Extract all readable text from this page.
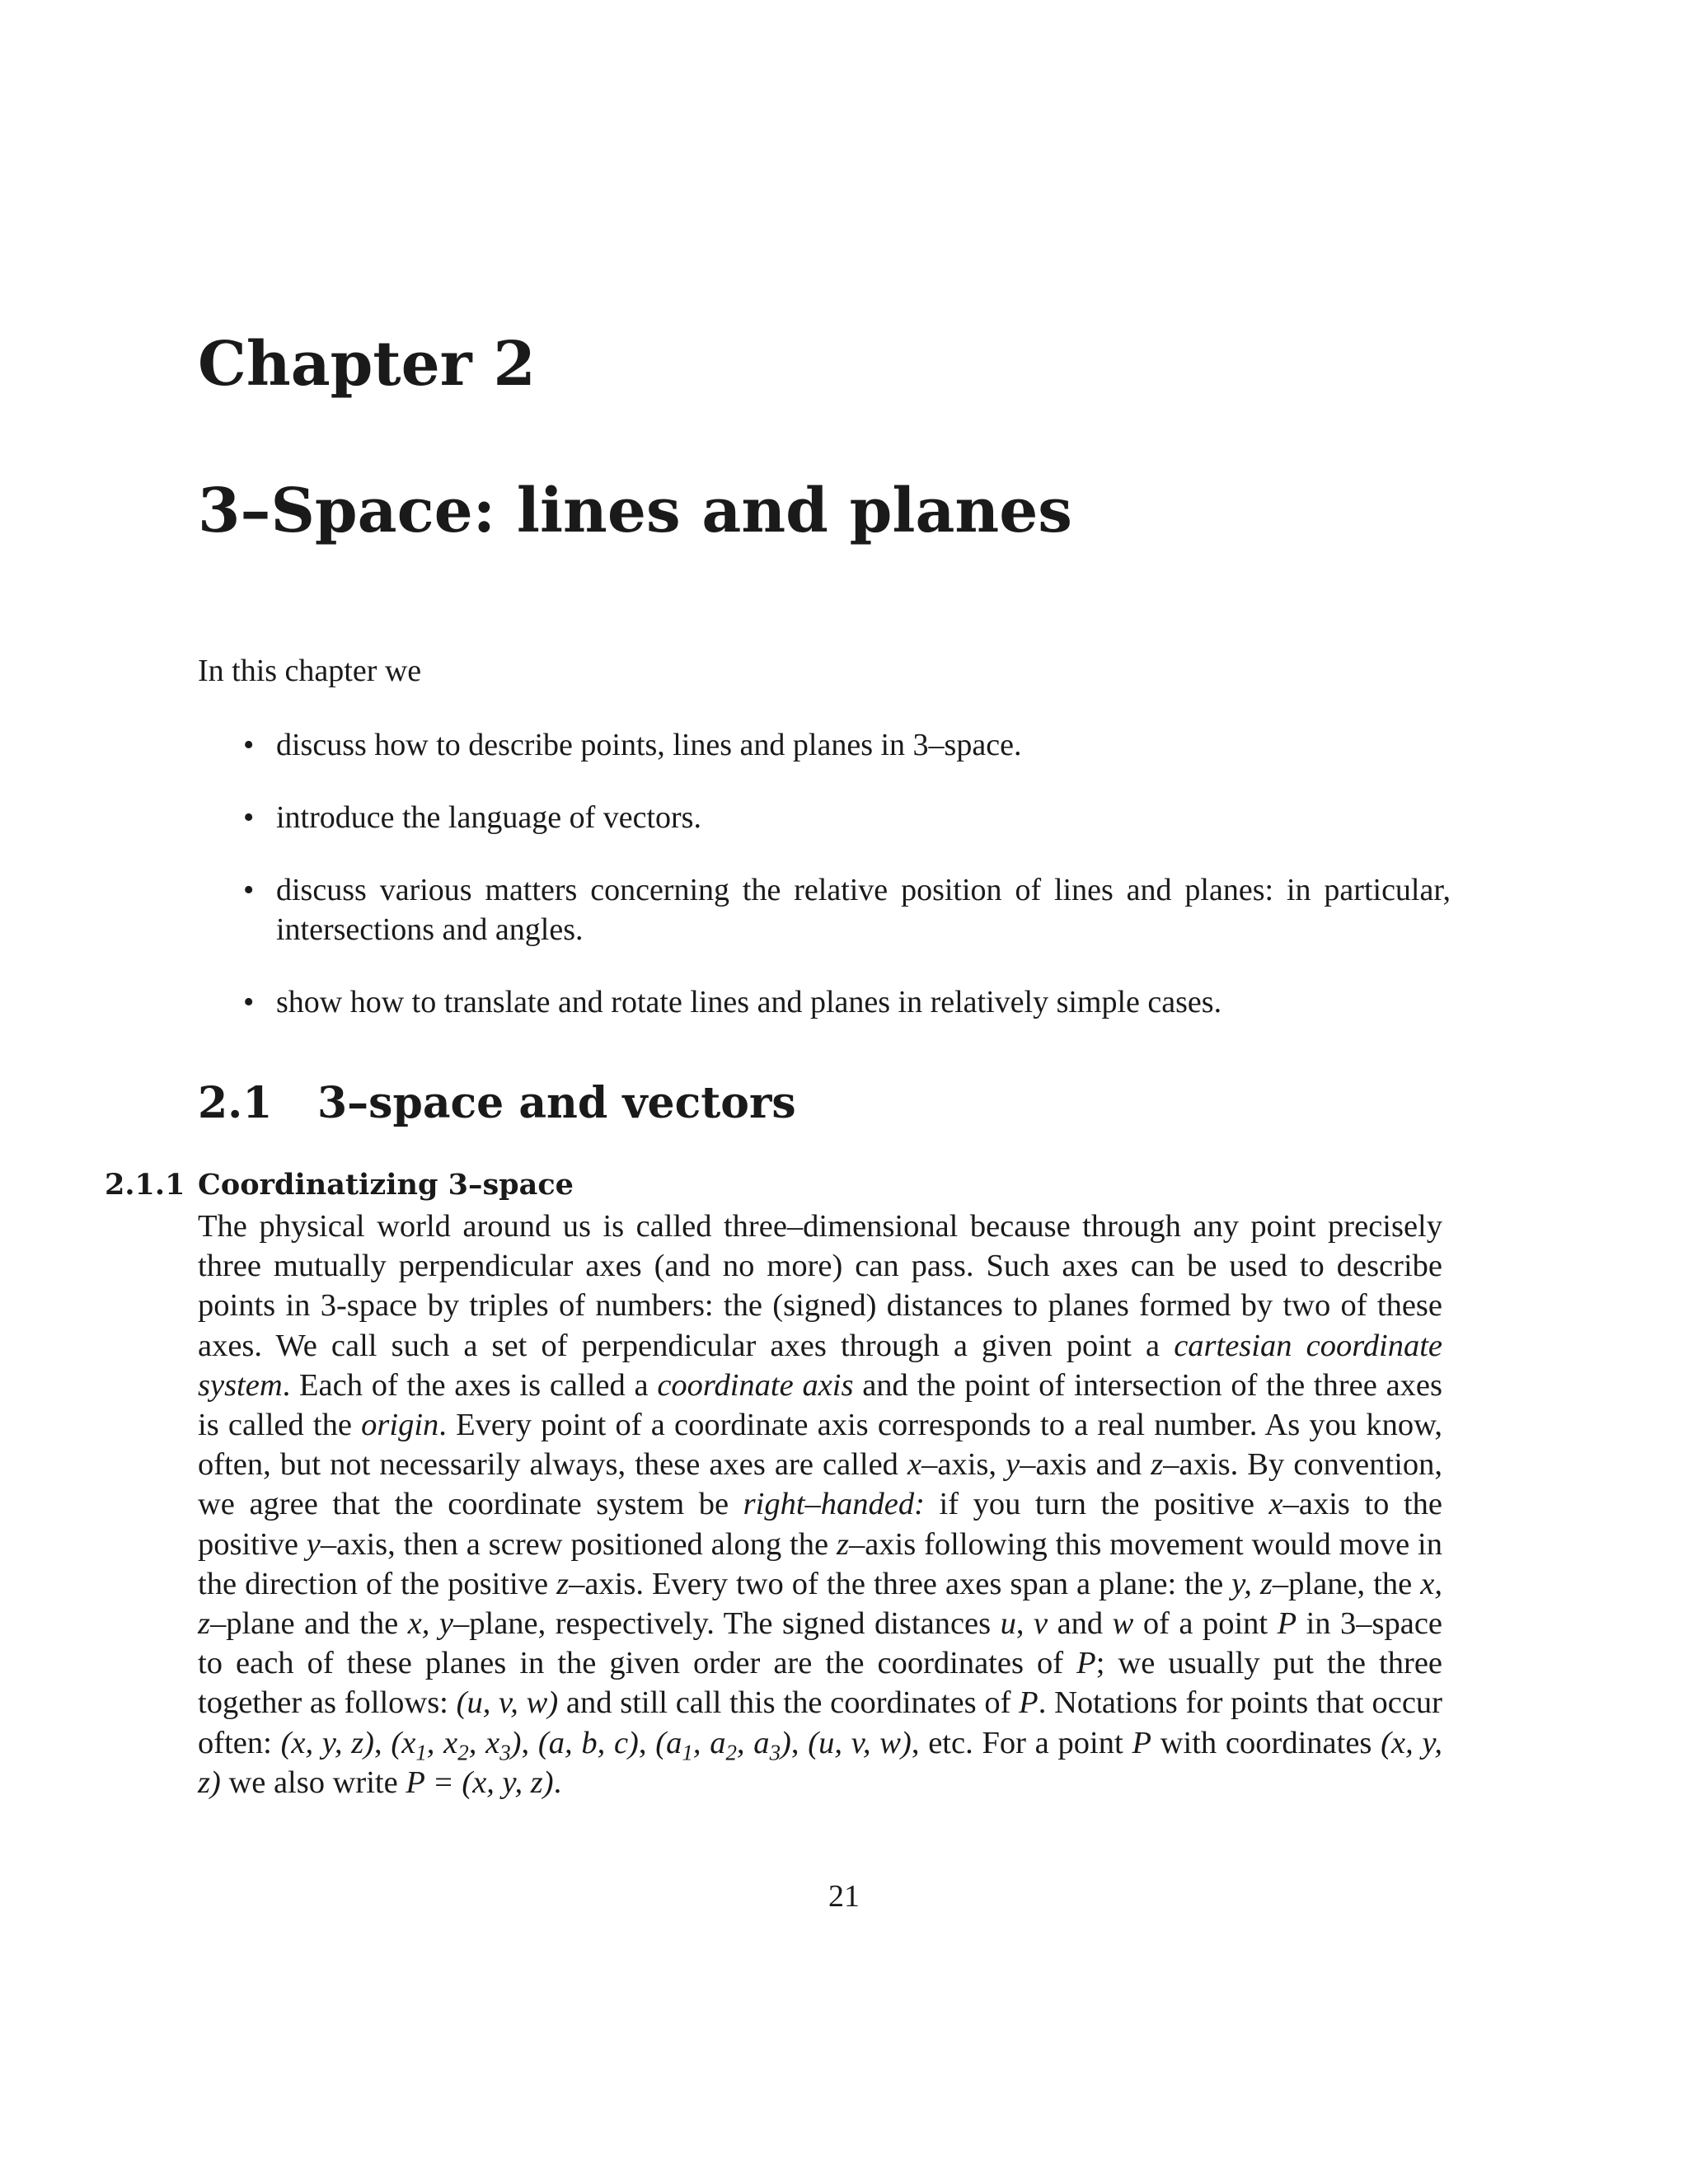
Chapter 2
3–Space: lines and planes

In this chapter we

• discuss how to describe points, lines and planes in 3–space.
• introduce the language of vectors.
• discuss various matters concerning the relative position of lines and planes: in particular, intersections and angles.
• show how to translate and rotate lines and planes in relatively simple cases.
2.1 3–space and vectors
2.1.1 Coordinatizing 3–space

The physical world around us is called three–dimensional because through any point precisely three mutually perpendicular axes (and no more) can pass. Such axes can be used to describe points in 3-space by triples of numbers: the (signed) distances to planes formed by two of these axes. We call such a set of perpendicular axes through a given point a cartesian coordinate system. Each of the axes is called a coordinate axis and the point of intersection of the three axes is called the origin. Every point of a coordinate axis corresponds to a real number. As you know, often, but not necessarily always, these axes are called x–axis, y–axis and z–axis. By convention, we agree that the coordinate system be right–handed: if you turn the positive x–axis to the positive y–axis, then a screw positioned along the z–axis following this movement would move in the direction of the positive z–axis. Every two of the three axes span a plane: the y, z–plane, the x, z–plane and the x, y–plane, respectively. The signed distances u, v and w of a point P in 3–space to each of these planes in the given order are the coordinates of P; we usually put the three together as follows: (u, v, w) and still call this the coordinates of P. Notations for points that occur often: (x, y, z), ($x_1$, $x_2$, $x_3$), (a, b, c), ($a_1$, $a_2$, $a_3$), (u, v, w), etc. For a point P with coordinates (x, y, z) we also write P = (x, y, z).

21
